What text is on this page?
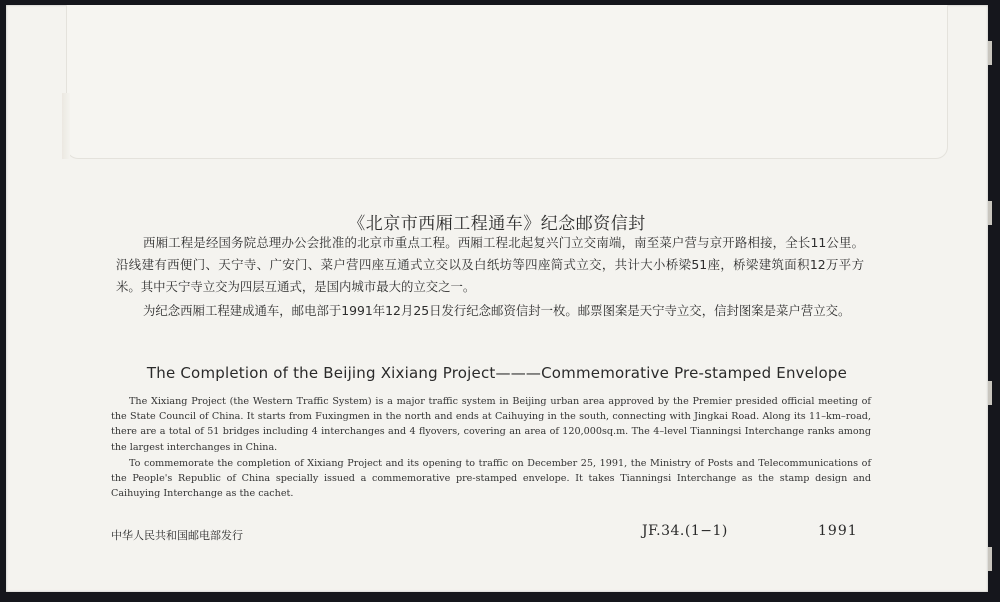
《北京市西厢工程通车》纪念邮资信封

西厢工程是经国务院总理办公会批准的北京市重点工程。西厢工程北起复兴门立交南端，南至菜户营与京开路相接，全长11公里。沿线建有西便门、天宁寺、广安门、菜户营四座互通式立交以及白纸坊等四座简式立交，共计大小桥梁51座，桥梁建筑面积12万平方米。其中天宁寺立交为四层互通式，是国内城市最大的立交之一。

为纪念西厢工程建成通车，邮电部于1991年12月25日发行纪念邮资信封一枚。邮票图案是天宁寺立交，信封图案是菜户营立交。

The Completion of the Beijing Xixiang Project———Commemorative Pre-stamped Envelope

The Xixiang Project (the Western Traffic System) is a major traffic system in Beijing urban area approved by the Premier presided official meeting of the State Council of China. It starts from Fuxingmen in the north and ends at Caihuying in the south, connecting with Jingkai Road. Along its 11–km–road, there are a total of 51 bridges including 4 interchanges and 4 flyovers, covering an area of 120,000sq.m. The 4–level Tianningsi Interchange ranks among the largest interchanges in China.

To commemorate the completion of Xixiang Project and its opening to traffic on December 25, 1991, the Ministry of Posts and Telecommunications of the People's Republic of China specially issued a commemorative pre-stamped envelope. It takes Tianningsi Interchange as the stamp design and Caihuying Interchange as the cachet.

中华人民共和国邮电部发行	JF.34.(1−1)	1991
